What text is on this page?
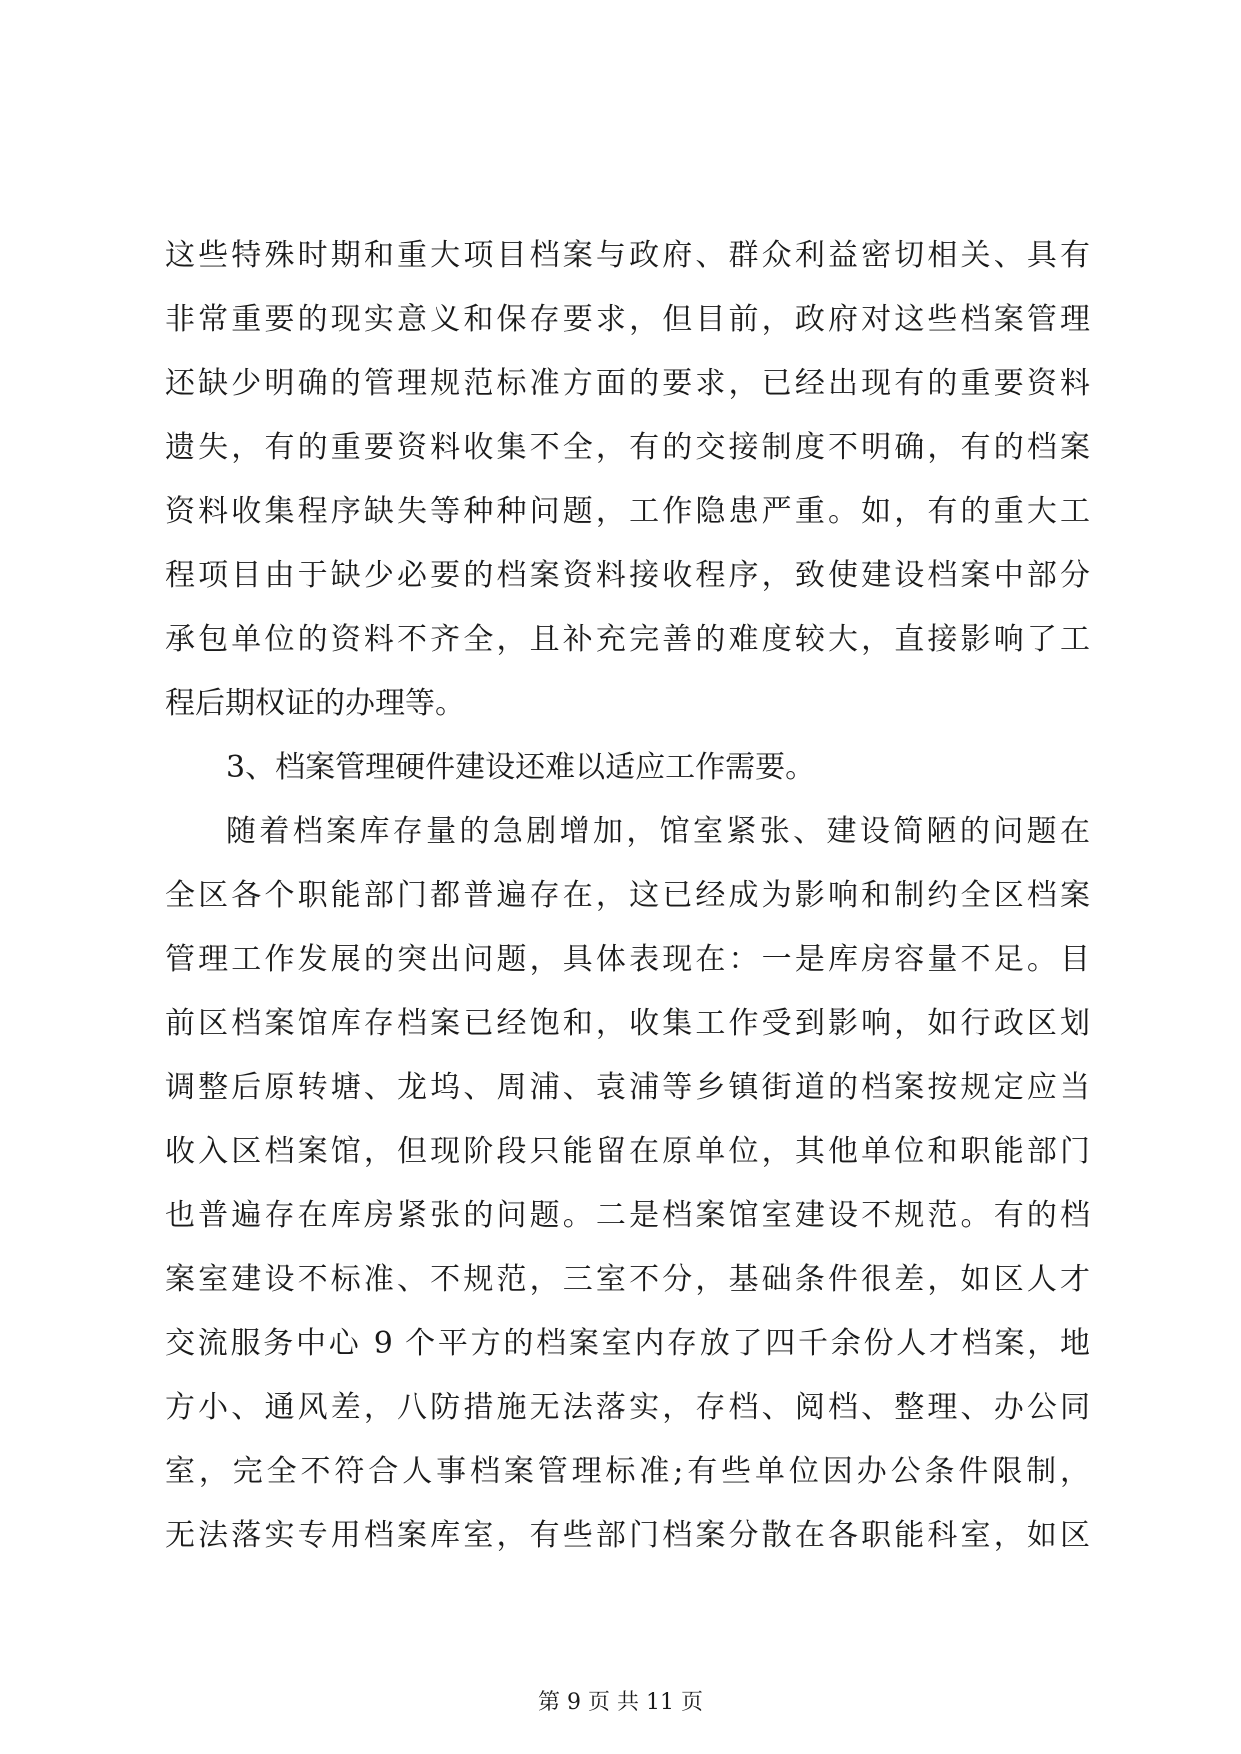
这些特殊时期和重大项目档案与政府、群众利益密切相关、具有
非常重要的现实意义和保存要求，但目前，政府对这些档案管理
还缺少明确的管理规范标准方面的要求，已经出现有的重要资料
遗失，有的重要资料收集不全，有的交接制度不明确，有的档案
资料收集程序缺失等种种问题，工作隐患严重。如，有的重大工
程项目由于缺少必要的档案资料接收程序，致使建设档案中部分
承包单位的资料不齐全，且补充完善的难度较大，直接影响了工
程后期权证的办理等。
3、档案管理硬件建设还难以适应工作需要。
随着档案库存量的急剧增加，馆室紧张、建设简陋的问题在
全区各个职能部门都普遍存在，这已经成为影响和制约全区档案
管理工作发展的突出问题，具体表现在：一是库房容量不足。目
前区档案馆库存档案已经饱和，收集工作受到影响，如行政区划
调整后原转塘、龙坞、周浦、袁浦等乡镇街道的档案按规定应当
收入区档案馆，但现阶段只能留在原单位，其他单位和职能部门
也普遍存在库房紧张的问题。二是档案馆室建设不规范。有的档
案室建设不标准、不规范，三室不分，基础条件很差，如区人才
交流服务中心 9 个平方的档案室内存放了四千余份人才档案，地
方小、通风差，八防措施无法落实，存档、阅档、整理、办公同
室，完全不符合人事档案管理标准;有些单位因办公条件限制，
无法落实专用档案库室，有些部门档案分散在各职能科室，如区
第 9 页 共 11 页
